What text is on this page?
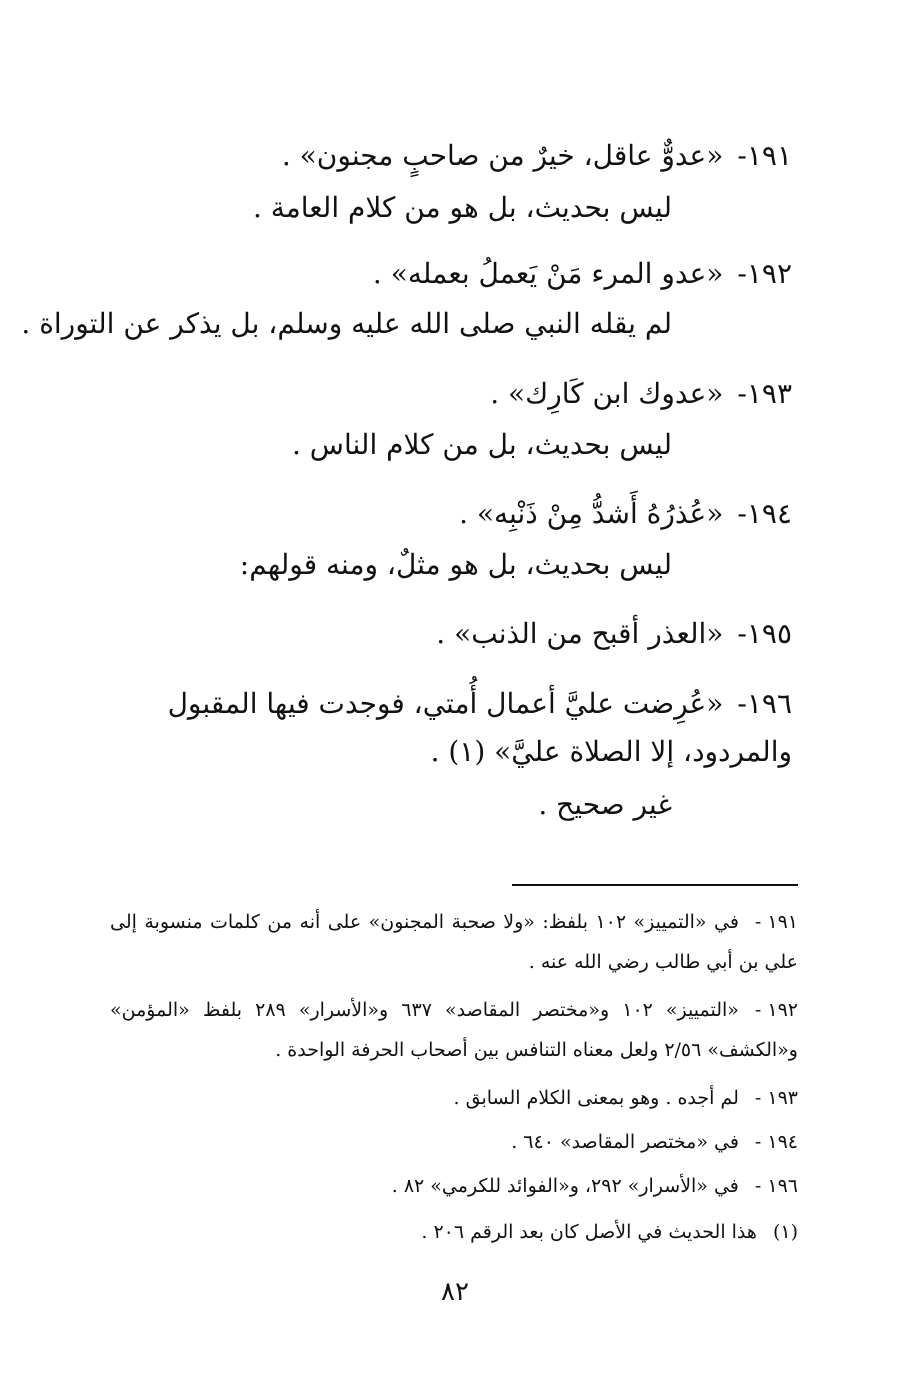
١٩١-«عدوٌّ عاقل، خيرٌ من صاحبٍ مجنون» .
ليس بحديث، بل هو من كلام العامة .
١٩٢-«عدو المرء مَنْ يَعملُ بعمله» .
لم يقله النبي صلى الله عليه وسلم، بل يذكر عن التوراة .
١٩٣-«عدوك ابن كَارِك» .
ليس بحديث، بل من كلام الناس .
١٩٤-«عُذرُهُ أَشدُّ مِنْ ذَنْبِه» .
ليس بحديث، بل هو مثلٌ، ومنه قولهم:
١٩٥-«العذر أقبح من الذنب» .
١٩٦-«عُرِضت عليَّ أعمال أُمتي، فوجدت فيها المقبول والمردود، إلا الصلاة عليَّ» (١) .
غير صحيح .
١٩١ -في «التمييز» ١٠٢ بلفظ: «ولا صحبة المجنون» على أنه من كلمات منسوبة إلى علي بن أبي طالب رضي الله عنه .
١٩٢ -«التمييز» ١٠٢ و«مختصر المقاصد» ٦٣٧ و«الأسرار» ٢٨٩ بلفظ «المؤمن» و«الكشف» ٢/٥٦ ولعل معناه التنافس بين أصحاب الحرفة الواحدة .
١٩٣ -لم أجده . وهو بمعنى الكلام السابق .
١٩٤ -في «مختصر المقاصد» ٦٤٠ .
١٩٦ -في «الأسرار» ٢٩٢، و«الفوائد للكرمي» ٨٢ .
(١)هذا الحديث في الأصل كان بعد الرقم ٢٠٦ .
٨٢
